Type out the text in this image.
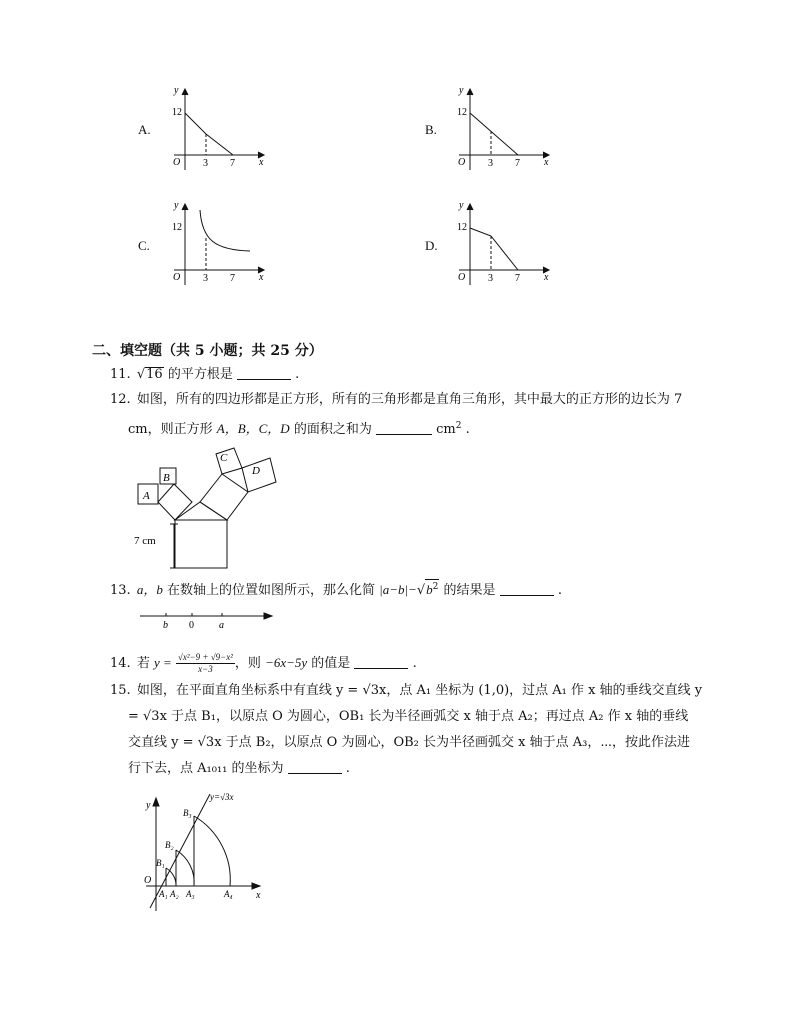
A.
y
12
O 3 7 x
B.
y
12
O 3 7 x
C.
y
12
O 3 7 x
D.
y
12
O 3 7 x
二、填空题（共 5 小题；共 25 分）
11. √16 的平方根是	.
12. 如图，所有的四边形都是正方形，所有的三角形都是直角三角形，其中最大的正方形的边长为 7
cm，则正方形 A，B，C，D 的面积之和为	$cm^2$ .
A
B
C
D
7 cm
13. a，b 在数轴上的位置如图所示，那么化简 $|a-b|-√b^2$ 的结果是	.
b 0	a
14. 若 $y = \frac{\text{√x²−9 + √9−x²}}{x-3}$ ，则 −6x−5y 的值是	.
15. 如图，在平面直角坐标系中有直线 y = √3x，点 A₁ 坐标为 (1,0)，过点 A₁ 作 x 轴的垂线交直线 y
= √3x 于点 B₁，以原点 O 为圆心，OB₁ 长为半径画弧交 x 轴于点 A₂；再过点 A₂ 作 x 轴的垂线
交直线 y = √3x 于点 B₂，以原点 O 为圆心，OB₂ 长为半径画弧交 x 轴于点 A₃，⋯，按此作法进
行下去，点 A₁₀₁₁ 的坐标为	.
y=√3x
y
x
O
B₁
B₂
B₃
A₁ A₂ A₃	A₄
